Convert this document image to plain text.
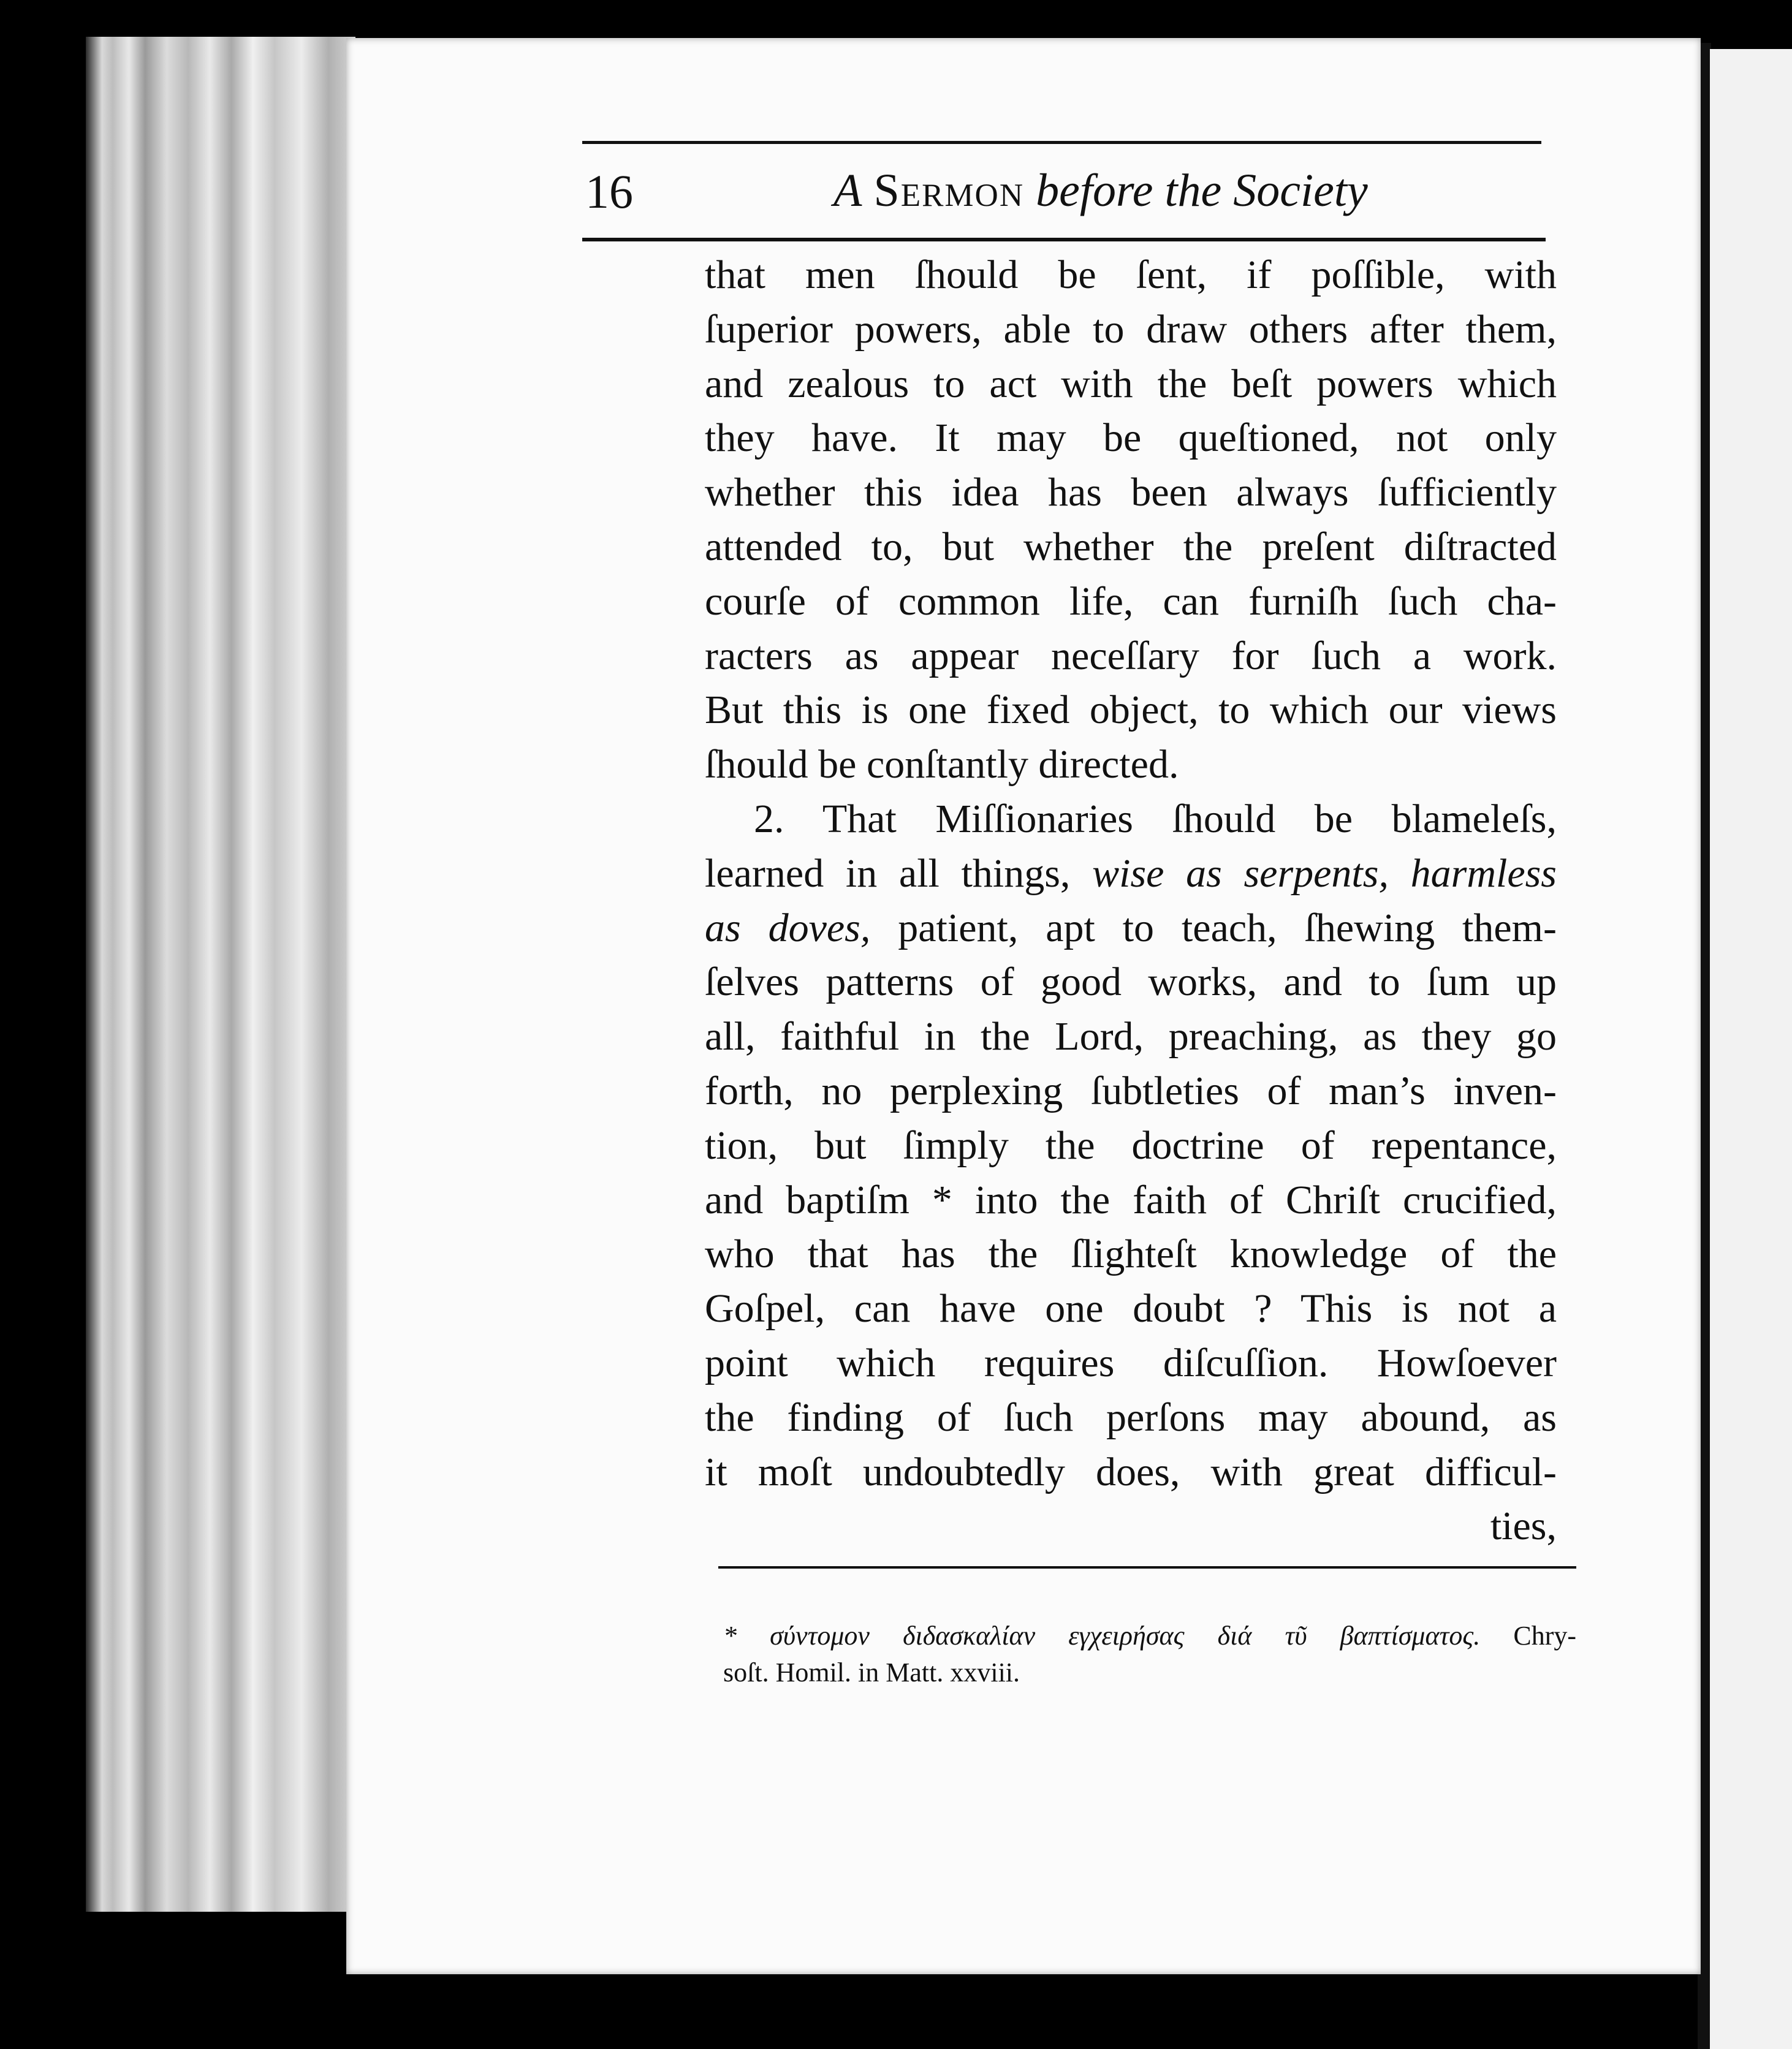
16	A Sermon before the Society
that men ſhould be ſent, if poſſible, with
ſuperior powers, able to draw others after them,
and zealous to act with the beſt powers which
they have. It may be queſtioned, not only
whether this idea has been always ſufficiently
attended to, but whether the preſent diſtracted
courſe of common life, can furniſh ſuch cha-
racters as appear neceſſary for ſuch a work.
But this is one fixed object, to which our views
ſhould be conſtantly directed.
2. That Miſſionaries ſhould be blameleſs,
learned in all things, wise as serpents, harmless
as doves, patient, apt to teach, ſhewing them-
ſelves patterns of good works, and to ſum up
all, faithful in the Lord, preaching, as they go
forth, no perplexing ſubtleties of man’s inven-
tion, but ſimply the doctrine of repentance,
and baptiſm * into the faith of Chriſt crucified,
who that has the ſlighteſt knowledge of the
Goſpel, can have one doubt ? This is not a
point which requires diſcuſſion. Howſoever
the finding of ſuch perſons may abound, as
it moſt undoubtedly does, with great difficul-
ties,
* σύντομον διδασκαλίαν εγχειρήσας διά τῦ βαπτίσματος. Chry-
soſt. Homil. in Matt. xxviii.
